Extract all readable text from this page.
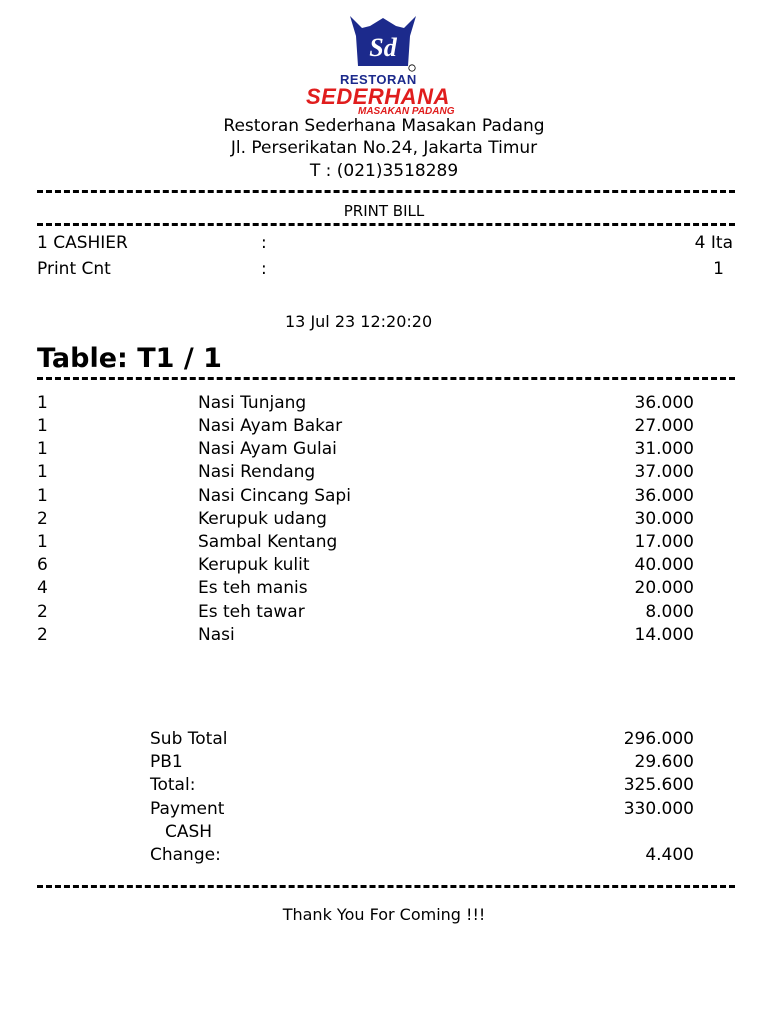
Sd
RESTORAN
SEDERHANA
MASAKAN PADANG
Restoran Sederhana Masakan Padang
Jl. Perserikatan No.24, Jakarta Timur
T : (021)3518289
PRINT BILL
1 CASHIER	:	4 Ita
Print Cnt	:	1
13 Jul 23 12:20:20
Table: T1 / 1
1	Nasi Tunjang	36.000
1	Nasi Ayam Bakar	27.000
1	Nasi Ayam Gulai	31.000
1	Nasi Rendang	37.000
1	Nasi Cincang Sapi	36.000
2	Kerupuk udang	30.000
1	Sambal Kentang	17.000
6	Kerupuk kulit	40.000
4	Es teh manis	20.000
2	Es teh tawar	8.000
2	Nasi	14.000
Sub Total	296.000
PB1	29.600
Total:	325.600
Payment	330.000
CASH
Change:	4.400
Thank You For Coming !!!
